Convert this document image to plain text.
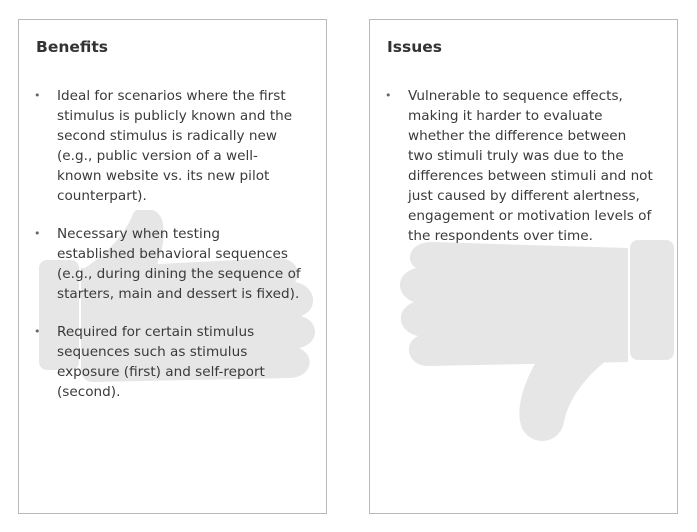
Benefits
• Ideal for scenarios where the first stimulus is publicly known and the second stimulus is radically new (e.g., public version of a well-known website vs. its new pilot counterpart).
• Necessary when testing established behavioral sequences (e.g., during dining the sequence of starters, main and dessert is fixed).
• Required for certain stimulus sequences such as stimulus exposure (first) and self-report (second).
Issues
• Vulnerable to sequence effects, making it harder to evaluate whether the difference between two stimuli truly was due to the differences between stimuli and not just caused by different alertness, engagement or motivation levels of the respondents over time.
